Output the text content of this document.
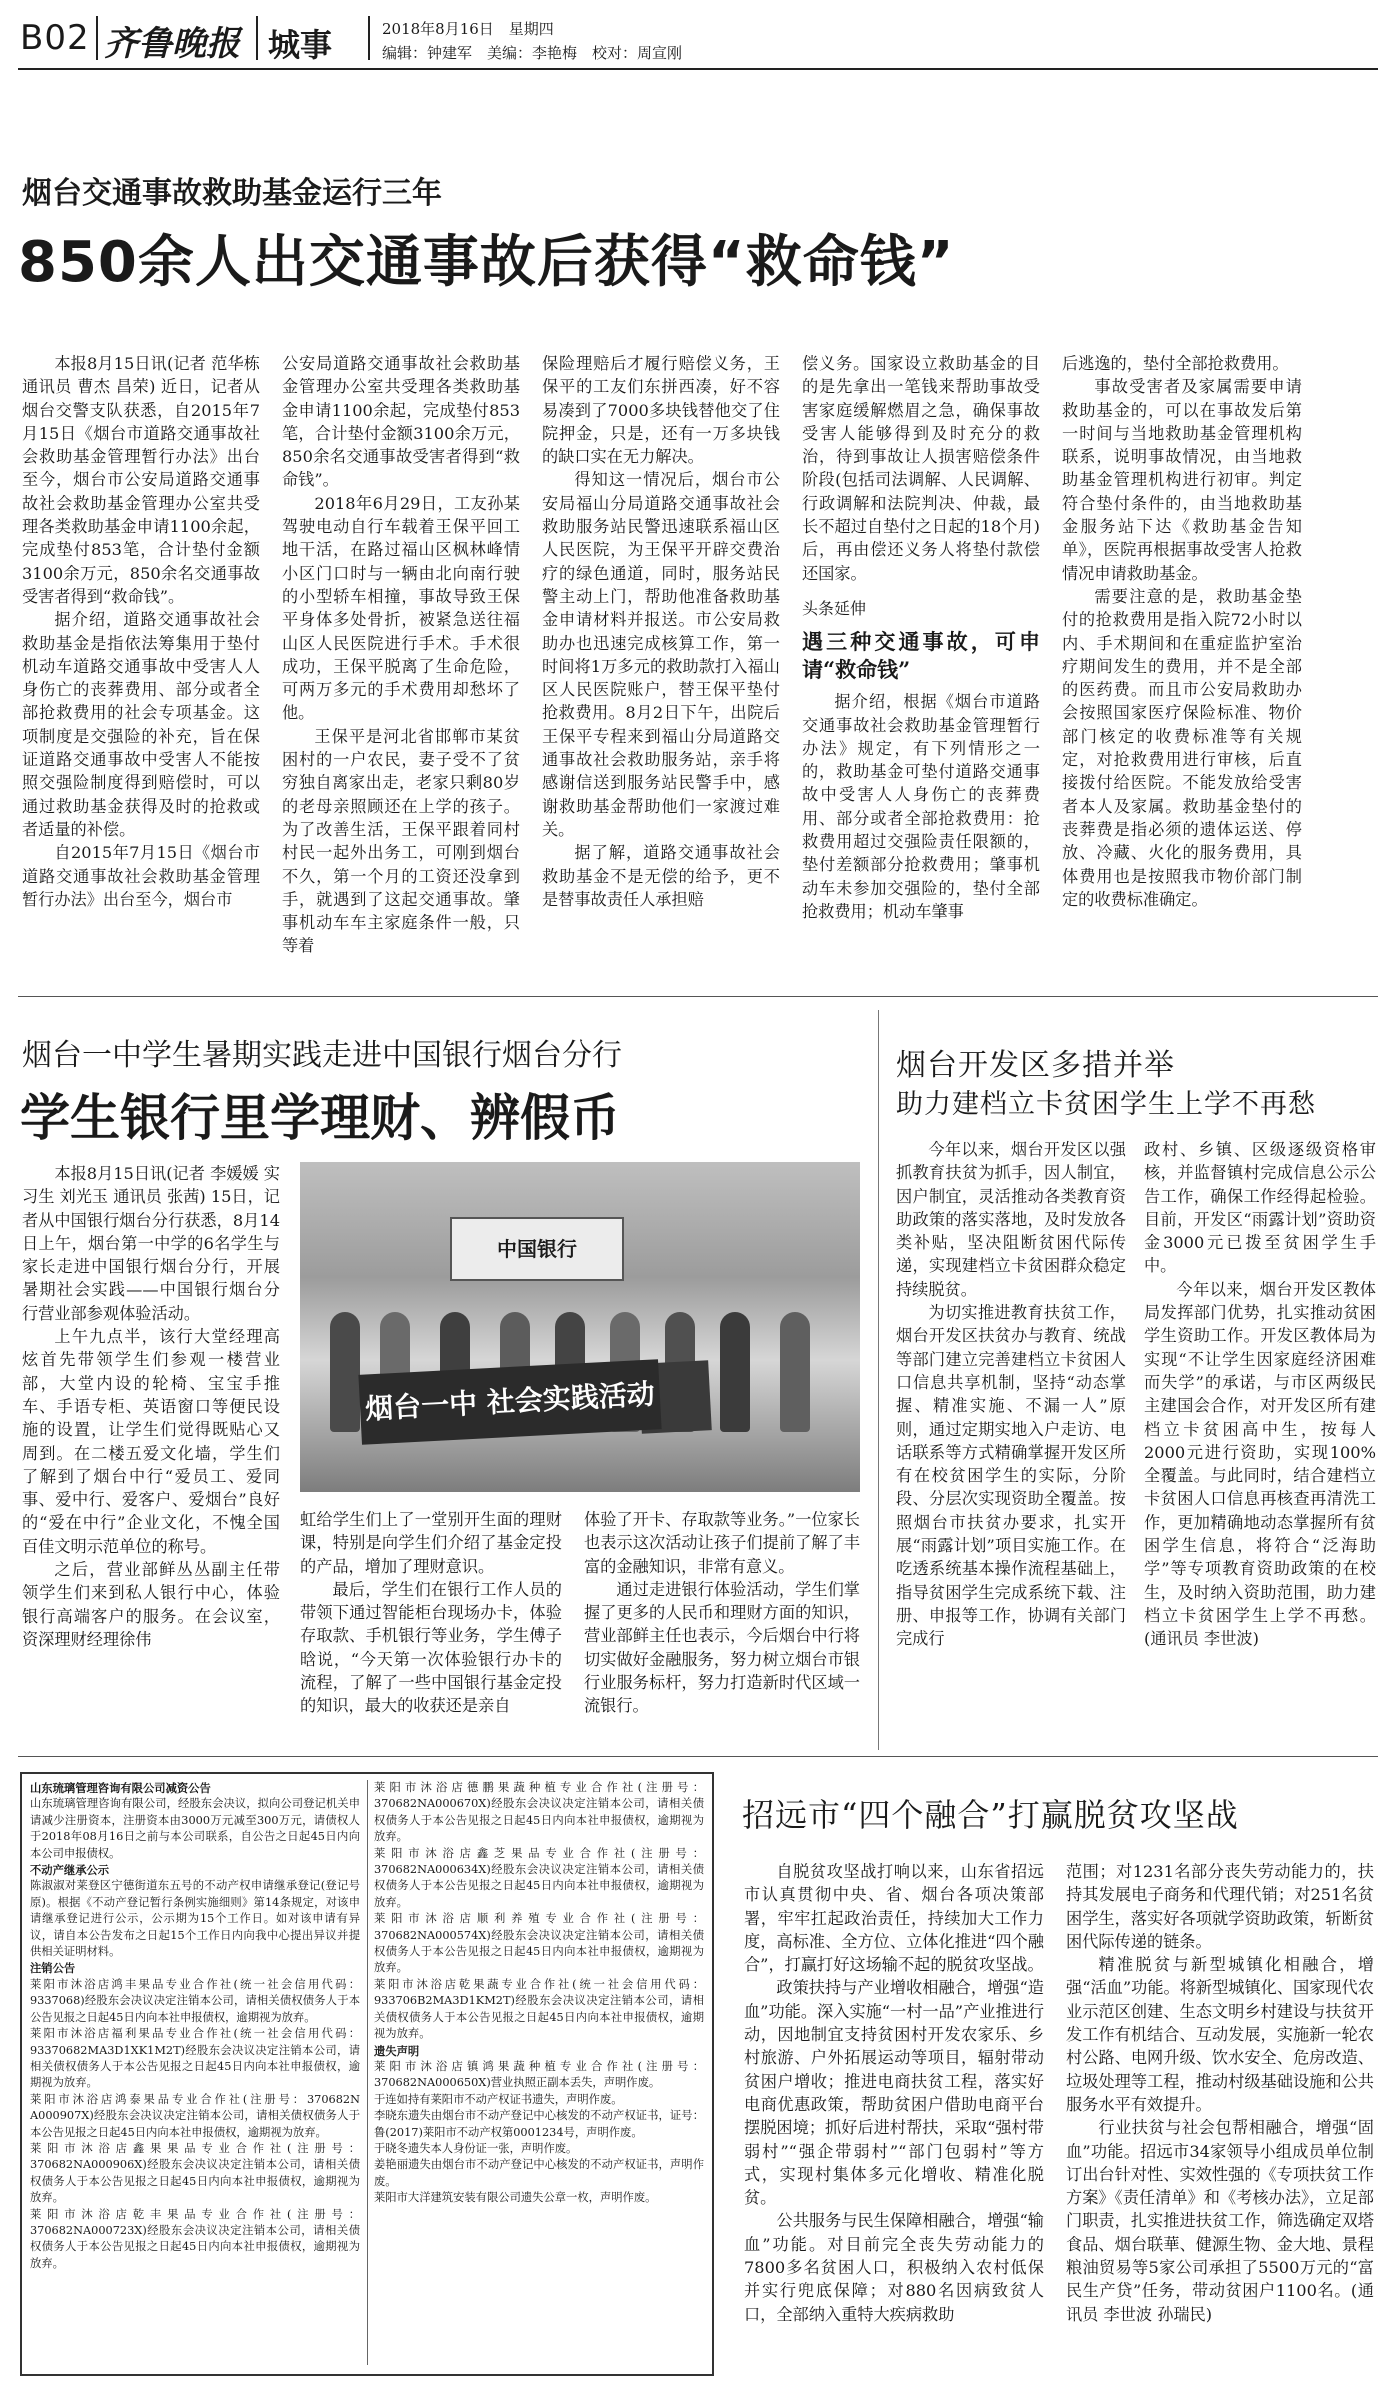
B02 齐鲁晚报 城事	2018年8月16日　星期四
编辑：钟建军　美编：李艳梅　校对：周宣刚
烟台交通事故救助基金运行三年
850余人出交通事故后获得“救命钱”

本报8月15日讯(记者 范华栋 通讯员 曹杰 昌荣) 近日，记者从烟台交警支队获悉，自2015年7月15日《烟台市道路交通事故社会救助基金管理暂行办法》出台至今，烟台市公安局道路交通事故社会救助基金管理办公室共受理各类救助基金申请1100余起，完成垫付853笔，合计垫付金额3100余万元，850余名交通事故受害者得到“救命钱”。

据介绍，道路交通事故社会救助基金是指依法筹集用于垫付机动车道路交通事故中受害人人身伤亡的丧葬费用、部分或者全部抢救费用的社会专项基金。这项制度是交强险的补充，旨在保证道路交通事故中受害人不能按照交强险制度得到赔偿时，可以通过救助基金获得及时的抢救或者适量的补偿。

自2015年7月15日《烟台市道路交通事故社会救助基金管理暂行办法》出台至今，烟台市

公安局道路交通事故社会救助基金管理办公室共受理各类救助基金申请1100余起，完成垫付853笔，合计垫付金额3100余万元，850余名交通事故受害者得到“救命钱”。

2018年6月29日，工友孙某驾驶电动自行车载着王保平回工地干活，在路过福山区枫林峰情小区门口时与一辆由北向南行驶的小型轿车相撞，事故导致王保平身体多处骨折，被紧急送往福山区人民医院进行手术。手术很成功，王保平脱离了生命危险，可两万多元的手术费用却愁坏了他。

王保平是河北省邯郸市某贫困村的一户农民，妻子受不了贫穷独自离家出走，老家只剩80岁的老母亲照顾还在上学的孩子。为了改善生活，王保平跟着同村村民一起外出务工，可刚到烟台不久，第一个月的工资还没拿到手，就遇到了这起交通事故。肇事机动车车主家庭条件一般，只等着

保险理赔后才履行赔偿义务，王保平的工友们东拼西凑，好不容易凑到了7000多块钱替他交了住院押金，只是，还有一万多块钱的缺口实在无力解决。

得知这一情况后，烟台市公安局福山分局道路交通事故社会救助服务站民警迅速联系福山区人民医院，为王保平开辟交费治疗的绿色通道，同时，服务站民警主动上门，帮助他准备救助基金申请材料并报送。市公安局救助办也迅速完成核算工作，第一时间将1万多元的救助款打入福山区人民医院账户，替王保平垫付抢救费用。8月2日下午，出院后王保平专程来到福山分局道路交通事故社会救助服务站，亲手将感谢信送到服务站民警手中，感谢救助基金帮助他们一家渡过难关。

据了解，道路交通事故社会救助基金不是无偿的给予，更不是替事故责任人承担赔

偿义务。国家设立救助基金的目的是先拿出一笔钱来帮助事故受害家庭缓解燃眉之急，确保事故受害人能够得到及时充分的救治，待到事故让人损害赔偿条件阶段(包括司法调解、人民调解、行政调解和法院判决、仲裁，最长不超过自垫付之日起的18个月)后，再由偿还义务人将垫付款偿还国家。

头条延伸
遇三种交通事故，可申请“救命钱”

据介绍，根据《烟台市道路交通事故社会救助基金管理暂行办法》规定，有下列情形之一的，救助基金可垫付道路交通事故中受害人人身伤亡的丧葬费用、部分或者全部抢救费用：抢救费用超过交强险责任限额的，垫付差额部分抢救费用；肇事机动车未参加交强险的，垫付全部抢救费用；机动车肇事

后逃逸的，垫付全部抢救费用。

事故受害者及家属需要申请救助基金的，可以在事故发后第一时间与当地救助基金管理机构联系，说明事故情况，由当地救助基金管理机构进行初审。判定符合垫付条件的，由当地救助基金服务站下达《救助基金告知单》，医院再根据事故受害人抢救情况申请救助基金。

需要注意的是，救助基金垫付的抢救费用是指入院72小时以内、手术期间和在重症监护室治疗期间发生的费用，并不是全部的医药费。而且市公安局救助办会按照国家医疗保险标准、物价部门核定的收费标准等有关规定，对抢救费用进行审核，后直接拨付给医院。不能发放给受害者本人及家属。救助基金垫付的丧葬费是指必须的遗体运送、停放、冷藏、火化的服务费用，具体费用也是按照我市物价部门制定的收费标准确定。

烟台一中学生暑期实践走进中国银行烟台分行
学生银行里学理财、辨假币

本报8月15日讯(记者 李媛媛 实习生 刘光玉 通讯员 张茜) 15日，记者从中国银行烟台分行获悉，8月14日上午，烟台第一中学的6名学生与家长走进中国银行烟台分行，开展暑期社会实践——中国银行烟台分行营业部参观体验活动。

上午九点半，该行大堂经理高炫首先带领学生们参观一楼营业部，大堂内设的轮椅、宝宝手推车、手语专柜、英语窗口等便民设施的设置，让学生们觉得既贴心又周到。在二楼五爱文化墙，学生们了解到了烟台中行“爱员工、爱同事、爱中行、爱客户、爱烟台”良好的“爱在中行”企业文化，不愧全国百佳文明示范单位的称号。

之后，营业部鲜丛丛副主任带领学生们来到私人银行中心，体验银行高端客户的服务。在会议室，资深理财经理徐伟

中国银行
烟台一中 社会实践活动

虹给学生们上了一堂别开生面的理财课，特别是向学生们介绍了基金定投的产品，增加了理财意识。

最后，学生们在银行工作人员的带领下通过智能柜台现场办卡，体验存取款、手机银行等业务，学生傅子晗说，“今天第一次体验银行办卡的流程，了解了一些中国银行基金定投的知识，最大的收获还是亲自

体验了开卡、存取款等业务。”一位家长也表示这次活动让孩子们提前了解了丰富的金融知识，非常有意义。

通过走进银行体验活动，学生们掌握了更多的人民币和理财方面的知识，营业部鲜主任也表示，今后烟台中行将切实做好金融服务，努力树立烟台市银行业服务标杆，努力打造新时代区域一流银行。

烟台开发区多措并举
助力建档立卡贫困学生上学不再愁

今年以来，烟台开发区以强抓教育扶贫为抓手，因人制宜，因户制宜，灵活推动各类教育资助政策的落实落地，及时发放各类补贴，坚决阻断贫困代际传递，实现建档立卡贫困群众稳定持续脱贫。

为切实推进教育扶贫工作，烟台开发区扶贫办与教育、统战等部门建立完善建档立卡贫困人口信息共享机制，坚持“动态掌握、精准实施、不漏一人”原则，通过定期实地入户走访、电话联系等方式精确掌握开发区所有在校贫困学生的实际，分阶段、分层次实现资助全覆盖。按照烟台市扶贫办要求，扎实开展“雨露计划”项目实施工作。在吃透系统基本操作流程基础上，指导贫困学生完成系统下载、注册、申报等工作，协调有关部门完成行

政村、乡镇、区级逐级资格审核，并监督镇村完成信息公示公告工作，确保工作经得起检验。目前，开发区“雨露计划”资助资金3000元已拨至贫困学生手中。

今年以来，烟台开发区教体局发挥部门优势，扎实推动贫困学生资助工作。开发区教体局为实现“不让学生因家庭经济困难而失学”的承诺，与市区两级民主建国会合作，对开发区所有建档立卡贫困高中生，按每人2000元进行资助，实现100%全覆盖。与此同时，结合建档立卡贫困人口信息再核查再清洗工作，更加精确地动态掌握所有贫困学生信息，将符合“泛海助学”等专项教育资助政策的在校生，及时纳入资助范围，助力建档立卡贫困学生上学不再愁。(通讯员 李世波)

山东琉璃管理咨询有限公司减资公告

山东琉璃管理咨询有限公司，经股东会决议，拟向公司登记机关申请减少注册资本，注册资本由3000万元减至300万元，请债权人于2018年08月16日之前与本公司联系，自公告之日起45日内向本公司申报债权。

不动产继承公示

陈淑淑对莱登区宁德街道东五号的不动产权申请继承登记(登记号原)。根据《不动产登记暂行条例实施细则》第14条规定，对该申请继承登记进行公示，公示期为15个工作日。如对该申请有异议，请自本公告发布之日起15个工作日内向我中心提出异议并提供相关证明材料。

注销公告

莱阳市沐浴店鸿丰果品专业合作社(统一社会信用代码：9337068)经股东会决议决定注销本公司，请相关债权债务人于本公告见报之日起45日内向本社申报债权，逾期视为放弃。

莱阳市沐浴店福利果品专业合作社(统一社会信用代码：93370682MA3D1XK1M2T)经股东会决议决定注销本公司，请相关债权债务人于本公告见报之日起45日内向本社申报债权，逾期视为放弃。

莱阳市沐浴店鸿泰果品专业合作社(注册号：370682N A000907X)经股东会决议决定注销本公司，请相关债权债务人于本公告见报之日起45日内向本社申报债权，逾期视为放弃。

莱阳市沐浴店鑫果果品专业合作社(注册号：370682NA000906X)经股东会决议决定注销本公司，请相关债权债务人于本公告见报之日起45日内向本社申报债权，逾期视为放弃。

莱阳市沐浴店乾丰果品专业合作社(注册号：370682NA000723X)经股东会决议决定注销本公司，请相关债权债务人于本公告见报之日起45日内向本社申报债权，逾期视为放弃。

莱阳市沐浴店德鹏果蔬种植专业合作社(注册号：370682NA000670X)经股东会决议决定注销本公司，请相关债权债务人于本公告见报之日起45日内向本社申报债权，逾期视为放弃。

莱阳市沐浴店鑫芝果品专业合作社(注册号：370682NA000634X)经股东会决议决定注销本公司，请相关债权债务人于本公告见报之日起45日内向本社申报债权，逾期视为放弃。

莱阳市沐浴店顺利养殖专业合作社(注册号：370682NA000574X)经股东会决议决定注销本公司，请相关债权债务人于本公告见报之日起45日内向本社申报债权，逾期视为放弃。

莱阳市沐浴店乾果蔬专业合作社(统一社会信用代码：933706B2MA3D1KM2T)经股东会决议决定注销本公司，请相关债权债务人于本公告见报之日起45日内向本社申报债权，逾期视为放弃。

遗失声明

莱阳市沐浴店镇鸿果蔬种植专业合作社(注册号：370682NA000650X)营业执照正副本丢失，声明作废。

于连如持有莱阳市不动产权证书遗失，声明作废。

李晓东遗失由烟台市不动产登记中心核发的不动产权证书，证号：鲁(2017)莱阳市不动产权第0001234号，声明作废。

于晓冬遗失本人身份证一张，声明作废。

姜艳丽遗失由烟台市不动产登记中心核发的不动产权证书，声明作废。

莱阳市大洋建筑安装有限公司遗失公章一枚，声明作废。

招远市“四个融合”打赢脱贫攻坚战

自脱贫攻坚战打响以来，山东省招远市认真贯彻中央、省、烟台各项决策部署，牢牢扛起政治责任，持续加大工作力度，高标准、全方位、立体化推进“四个融合”，打赢打好这场输不起的脱贫攻坚战。

政策扶持与产业增收相融合，增强“造血”功能。深入实施“一村一品”产业推进行动，因地制宜支持贫困村开发农家乐、乡村旅游、户外拓展运动等项目，辐射带动贫困户增收；推进电商扶贫工程，落实好电商优惠政策，帮助贫困户借助电商平台摆脱困境；抓好后进村帮扶，采取“强村带弱村”“强企带弱村”“部门包弱村”等方式，实现村集体多元化增收、精准化脱贫。

公共服务与民生保障相融合，增强“输血”功能。对目前完全丧失劳动能力的7800多名贫困人口，积极纳入农村低保并实行兜底保障；对880名因病致贫人口，全部纳入重特大疾病救助

范围；对1231名部分丧失劳动能力的，扶持其发展电子商务和代理代销；对251名贫困学生，落实好各项就学资助政策，斩断贫困代际传递的链条。

精准脱贫与新型城镇化相融合，增强“活血”功能。将新型城镇化、国家现代农业示范区创建、生态文明乡村建设与扶贫开发工作有机结合、互动发展，实施新一轮农村公路、电网升级、饮水安全、危房改造、垃圾处理等工程，推动村级基础设施和公共服务水平有效提升。

行业扶贫与社会包帮相融合，增强“固血”功能。招远市34家领导小组成员单位制订出台针对性、实效性强的《专项扶贫工作方案》《责任清单》和《考核办法》，立足部门职责，扎实推进扶贫工作，筛选确定双塔食品、烟台联華、健源生物、金大地、景程粮油贸易等5家公司承担了5500万元的“富民生产贷”任务，带动贫困户1100名。(通讯员 李世波 孙瑞民)
